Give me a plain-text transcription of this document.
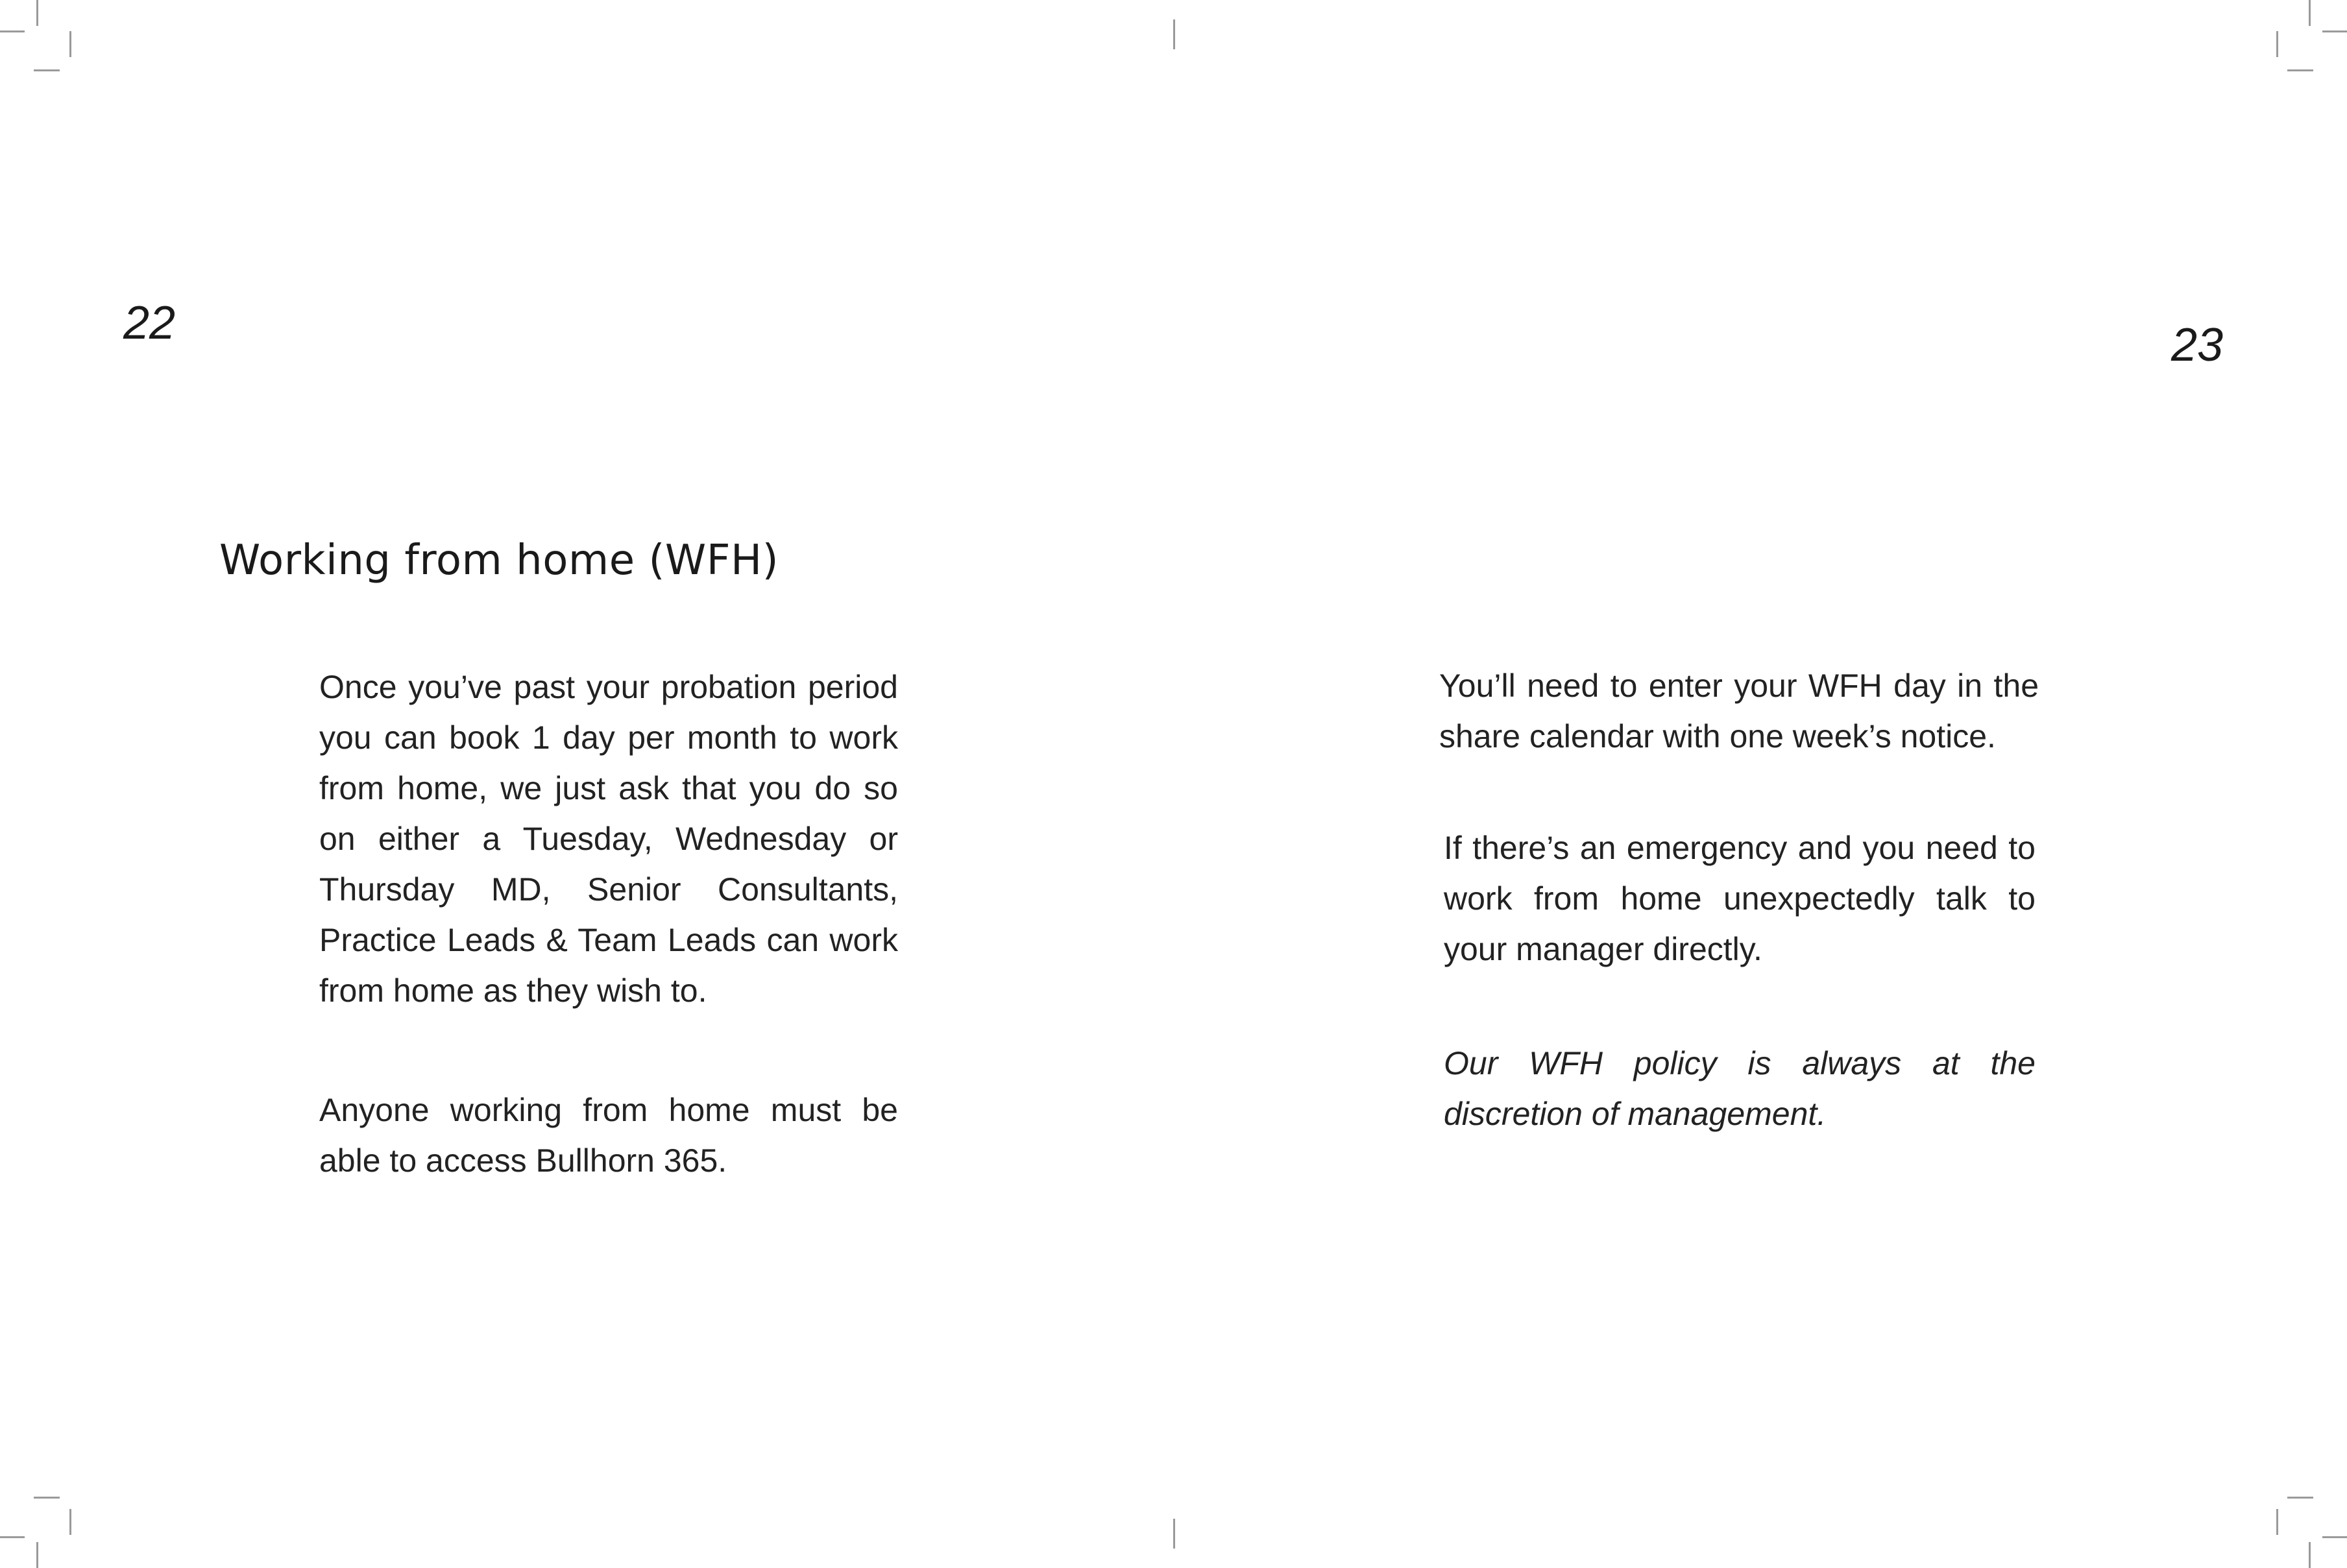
22

Working from home (WFH)

Once you’ve past your probation period you can book 1 day per month to work from home, we just ask that you do so on either a Tuesday, Wednesday or Thursday MD, Senior Consultants, Practice Leads & Team Leads can work from home as they wish to.

Anyone working from home must be able to access Bullhorn 365.

23

You’ll need to enter your WFH day in the share calendar with one week’s notice.

If there’s an emergency and you need to work from home unexpectedly talk to your manager directly.

Our WFH policy is always at the discretion of management.
